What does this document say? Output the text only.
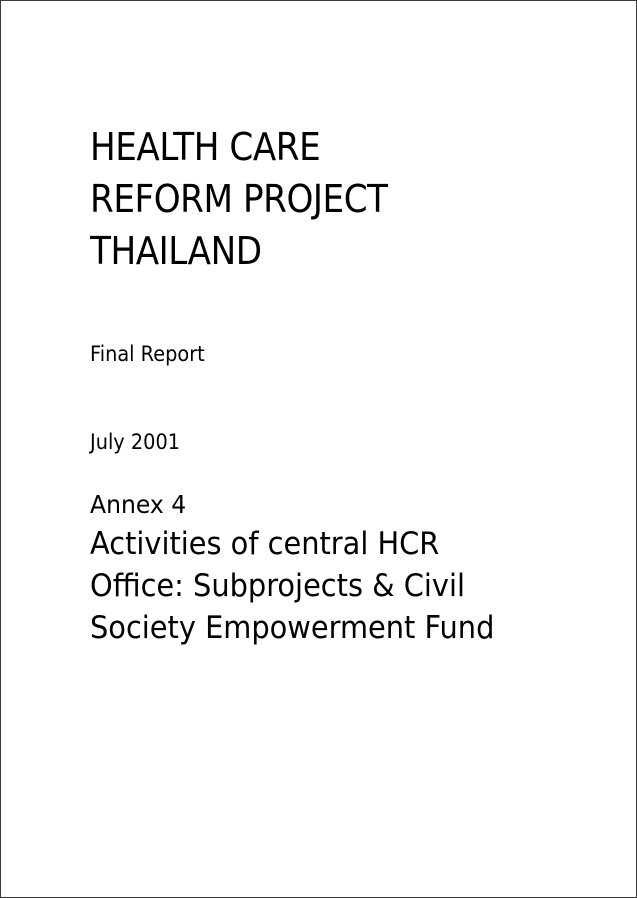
HEALTH CARE
REFORM PROJECT
THAILAND

Final Report

July 2001

Annex 4

Activities of central HCR
Office: Subprojects & Civil
Society Empowerment Fund
